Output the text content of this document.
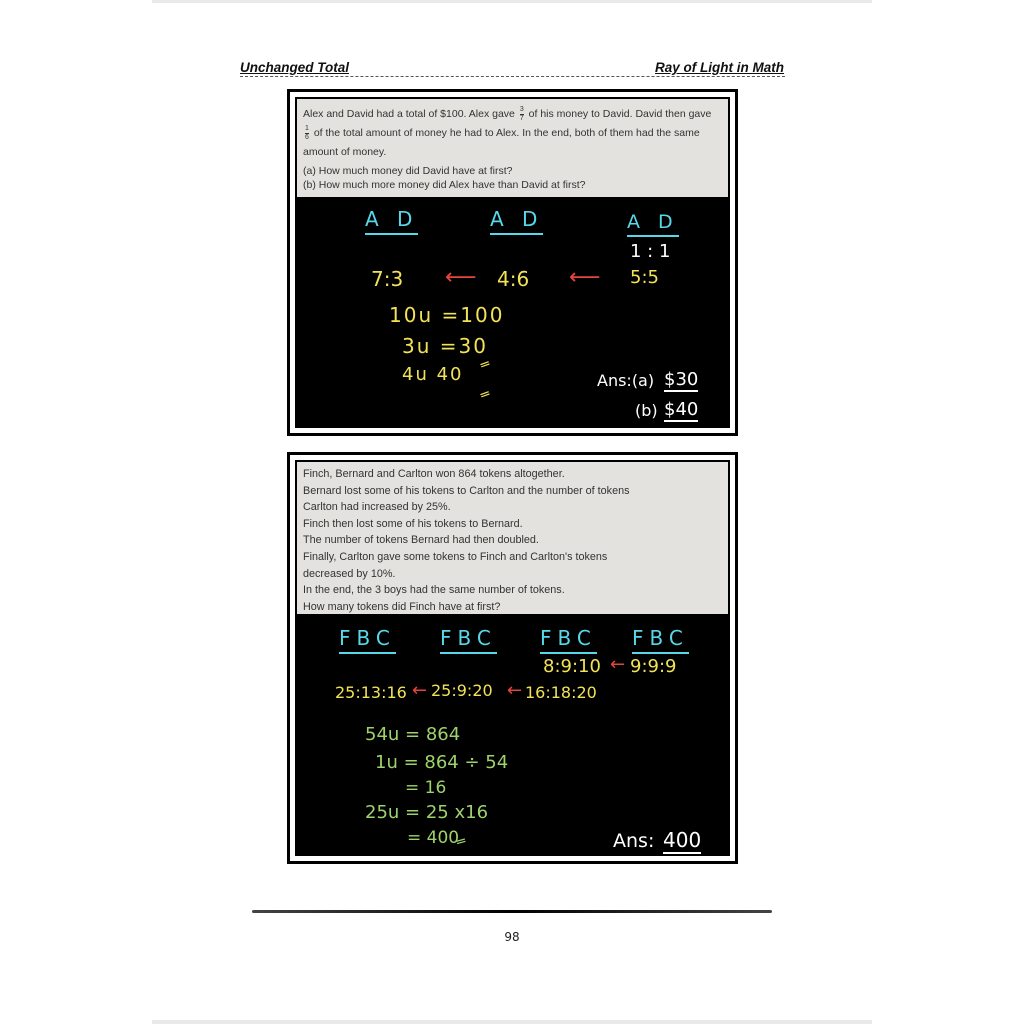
Unchanged Total	Ray of Light in Math
Alex and David had a total of $100. Alex gave $\frac{3}{7}$ of his money to David. David then gave
$\frac{1}{6}$ of the total amount of money he had to Alex. In the end, both of them had the same amount of money.
(a) How much money did David have at first?
(b) How much more money did Alex have than David at first?
A D	A D	A D
1 : 1
7:3 ⟵ 4:6 ⟵ 5:5
10u =100
3u =30
4u 40 ═
═
Ans:(a) $30
(b) $40
Finch, Bernard and Carlton won 864 tokens altogether.
Bernard lost some of his tokens to Carlton and the number of tokens
Carlton had increased by 25%.
Finch then lost some of his tokens to Bernard.
The number of tokens Bernard had then doubled.
Finally, Carlton gave some tokens to Finch and Carlton's tokens
decreased by 10%.
In the end, the 3 boys had the same number of tokens.
How many tokens did Finch have at first?
FBC FBC FBC FBC
8:9:10 ← 9:9:9
25:13:16 ← 25:9:20 ← 16:18:20
54u = 864
1u = 864 ÷ 54
= 16
25u = 25 x16
= 400
═	Ans: 400
98
